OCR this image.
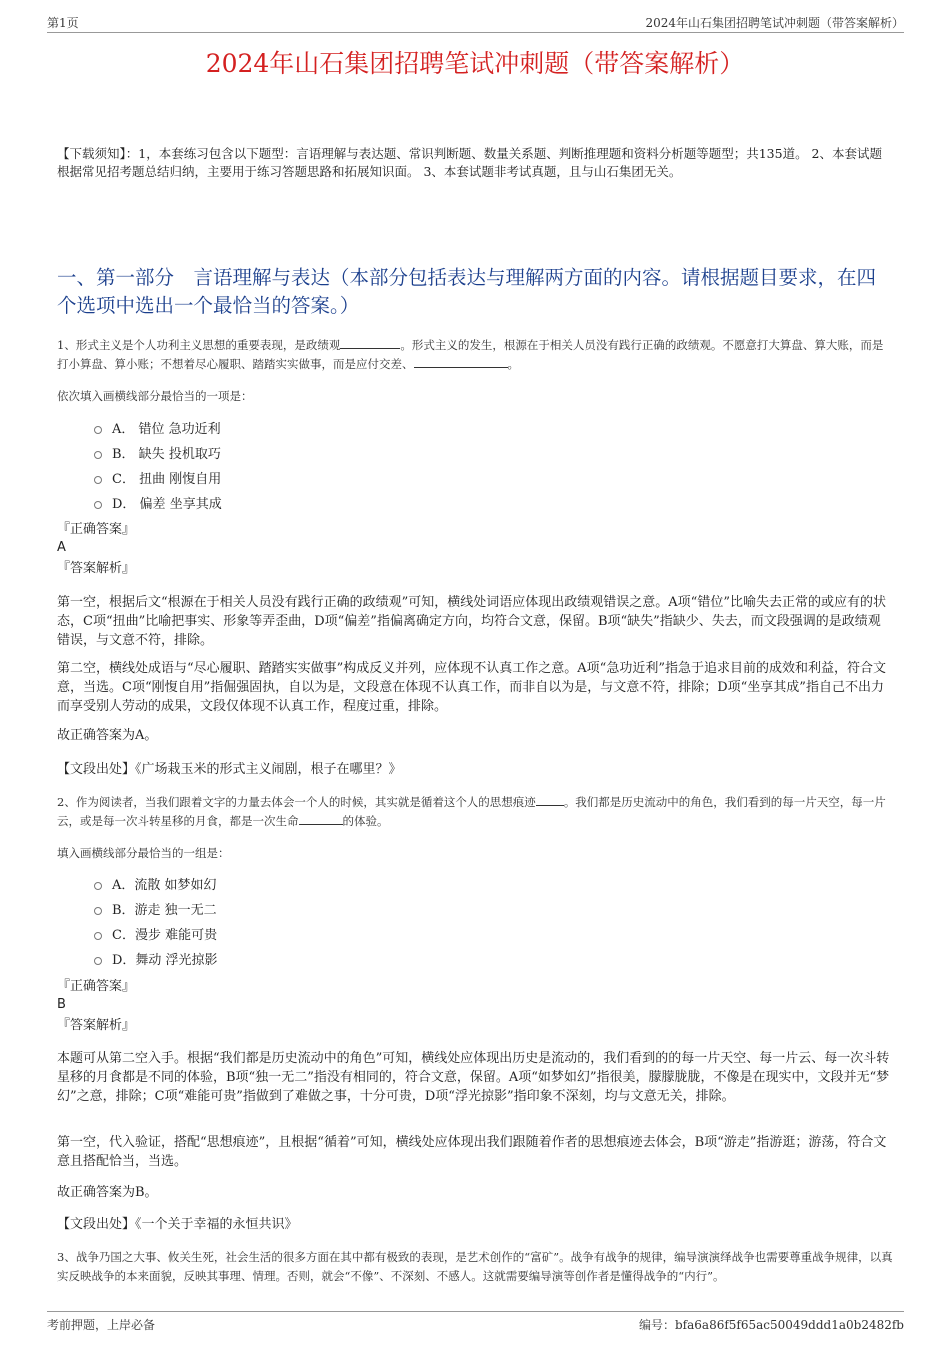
第1页	2024年山石集团招聘笔试冲刺题（带答案解析）
2024年山石集团招聘笔试冲刺题（带答案解析）
【下载须知】：1，本套练习包含以下题型：言语理解与表达题、常识判断题、数量关系题、判断推理题和资料分析题等题型；共135道。 2、本套试题根据常见招考题总结归纳，主要用于练习答题思路和拓展知识面。 3、本套试题非考试真题，且与山石集团无关。
一、第一部分　言语理解与表达（本部分包括表达与理解两方面的内容。请根据题目要求，在四个选项中选出一个最恰当的答案。）
1、形式主义是个人功利主义思想的重要表现，是政绩观	。形式主义的发生，根源在于相关人员没有践行正确的政绩观。不愿意打大算盘、算大账，而是打小算盘、算小账；不想着尽心履职、踏踏实实做事，而是应付交差、	。
依次填入画横线部分最恰当的一项是：
A． 错位 急功近利
B． 缺失 投机取巧
C． 扭曲 刚愎自用
D． 偏差 坐享其成
『正确答案』
A
『答案解析』
第一空，根据后文“根源在于相关人员没有践行正确的政绩观”可知，横线处词语应体现出政绩观错误之意。A项“错位”比喻失去正常的或应有的状态，C项“扭曲”比喻把事实、形象等弄歪曲，D项“偏差”指偏离确定方向，均符合文意，保留。B项“缺失”指缺少、失去，而文段强调的是政绩观错误，与文意不符，排除。
第二空，横线处成语与“尽心履职、踏踏实实做事”构成反义并列，应体现不认真工作之意。A项“急功近利”指急于追求目前的成效和利益，符合文意，当选。C项“刚愎自用”指倔强固执，自以为是，文段意在体现不认真工作，而非自以为是，与文意不符，排除；D项“坐享其成”指自己不出力而享受别人劳动的成果，文段仅体现不认真工作，程度过重，排除。
故正确答案为A。
【文段出处】《广场栽玉米的形式主义闹剧，根子在哪里？》
2、作为阅读者，当我们跟着文字的力量去体会一个人的时候，其实就是循着这个人的思想痕迹 。我们都是历史流动中的角色，我们看到的每一片天空，每一片云，或是每一次斗转星移的月食，都是一次生命	的体验。
填入画横线部分最恰当的一组是：
A．流散 如梦如幻
B．游走 独一无二
C．漫步 难能可贵
D．舞动 浮光掠影
『正确答案』
B
『答案解析』
本题可从第二空入手。根据“我们都是历史流动中的角色”可知，横线处应体现出历史是流动的，我们看到的的每一片天空、每一片云、每一次斗转星移的月食都是不同的体验，B项“独一无二”指没有相同的，符合文意，保留。A项“如梦如幻”指很美，朦朦胧胧，不像是在现实中，文段并无“梦幻”之意，排除；C项“难能可贵”指做到了难做之事，十分可贵，D项“浮光掠影”指印象不深刻，均与文意无关，排除。
第一空，代入验证，搭配“思想痕迹”，且根据“循着”可知，横线处应体现出我们跟随着作者的思想痕迹去体会，B项“游走”指游逛；游荡，符合文意且搭配恰当，当选。
故正确答案为B。
【文段出处】《一个关于幸福的永恒共识》
3、战争乃国之大事、攸关生死，社会生活的很多方面在其中都有极致的表现，是艺术创作的“富矿”。战争有战争的规律，编导演演绎战争也需要尊重战争规律，以真实反映战争的本来面貌，反映其事理、情理。否则，就会“不像”、不深刻、不感人。这就需要编导演等创作者是懂得战争的“内行”。
考前押题，上岸必备	编号：bfa6a86f5f65ac50049ddd1a0b2482fb
